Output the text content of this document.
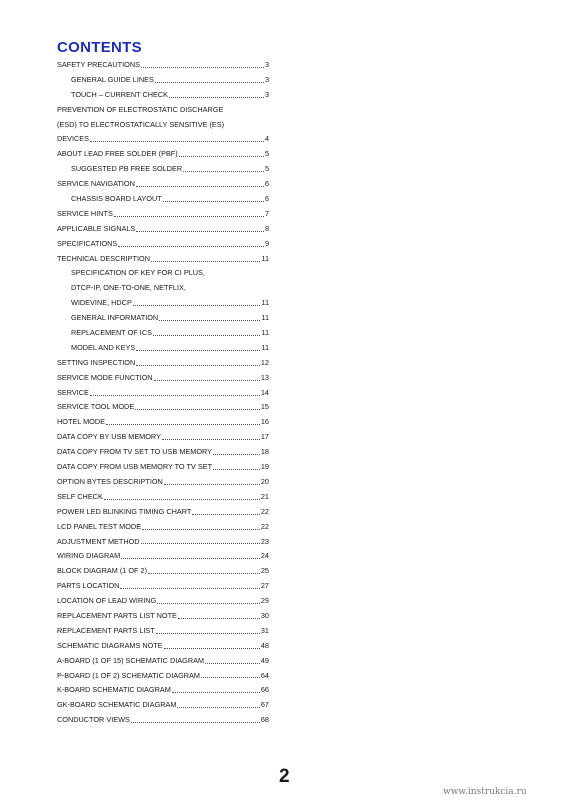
CONTENTS
SAFETY PRECAUTIONS	3
GENERAL GUIDE LINES	3
TOUCH – CURRENT CHECK	3
PREVENTION OF ELECTROSTATIC DISCHARGE
(ESD) TO ELECTROSTATICALLY SENSITIVE (ES)
DEVICES	4
ABOUT LEAD FREE SOLDER (PBF)	5
SUGGESTED PB FREE SOLDER	5
SERVICE NAVIGATION	6
CHASSIS BOARD LAYOUT	6
SERVICE HINTS	7
APPLICABLE SIGNALS	8
SPECIFICATIONS	9
TECHNICAL DESCRIPTION	11
SPECIFICATION OF KEY FOR CI PLUS,
DTCP-IP, ONE-TO-ONE, NETFLIX,
WIDEVINE, HDCP	11
GENERAL INFORMATION	11
REPLACEMENT OF ICS	11
MODEL AND KEYS	11
SETTING INSPECTION	12
SERVICE MODE FUNCTION	13
SERVICE	14
SERVICE TOOL MODE	15
HOTEL MODE	16
DATA COPY BY USB MEMORY	17
DATA COPY FROM TV SET TO USB MEMORY	18
DATA COPY FROM USB MEMORY TO TV SET	19
OPTION BYTES DESCRIPTION	20
SELF CHECK	21
POWER LED BLINKING TIMING CHART	22
LCD PANEL TEST MODE	22
ADJUSTMENT METHOD	23
WIRING DIAGRAM	24
BLOCK DIAGRAM (1 OF 2)	25
PARTS LOCATION	27
LOCATION OF LEAD WIRING	29
REPLACEMENT PARTS LIST NOTE	30
REPLACEMENT PARTS LIST	31
SCHEMATIC DIAGRAMS NOTE	48
A-BOARD (1 OF 15) SCHEMATIC DIAGRAM	49
P-BOARD (1 OF 2) SCHEMATIC DIAGRAM	64
K-BOARD SCHEMATIC DIAGRAM	66
GK-BOARD SCHEMATIC DIAGRAM	67
CONDUCTOR VIEWS	68
2
www.instrukcia.ru
